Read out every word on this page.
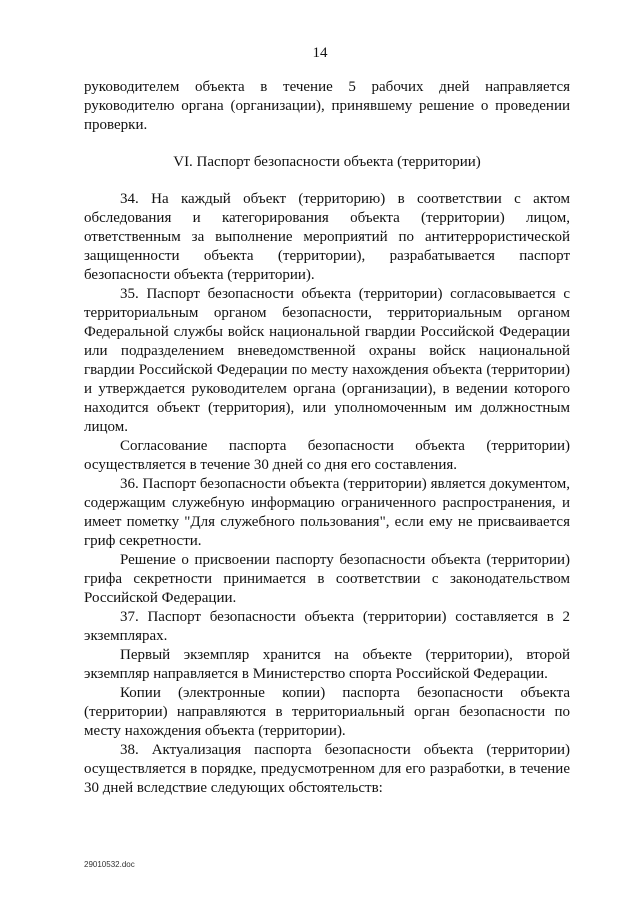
14

руководителем объекта в течение 5 рабочих дней направляется руководителю органа (организации), принявшему решение о проведении проверки.

VI. Паспорт безопасности объекта (территории)

34. На каждый объект (территорию) в соответствии с актом обследования и категорирования объекта (территории) лицом, ответственным за выполнение мероприятий по антитеррористической защищенности объекта (территории), разрабатывается паспорт безопасности объекта (территории).

35. Паспорт безопасности объекта (территории) согласовывается с территориальным органом безопасности, территориальным органом Федеральной службы войск национальной гвардии Российской Федерации или подразделением вневедомственной охраны войск национальной гвардии Российской Федерации по месту нахождения объекта (территории) и утверждается руководителем органа (организации), в ведении которого находится объект (территория), или уполномоченным им должностным лицом.

Согласование паспорта безопасности объекта (территории) осуществляется в течение 30 дней со дня его составления.

36. Паспорт безопасности объекта (территории) является документом, содержащим служебную информацию ограниченного распространения, и имеет пометку "Для служебного пользования", если ему не присваивается гриф секретности.

Решение о присвоении паспорту безопасности объекта (территории) грифа секретности принимается в соответствии с законодательством Российской Федерации.

37. Паспорт безопасности объекта (территории) составляется в 2 экземплярах.

Первый экземпляр хранится на объекте (территории), второй экземпляр направляется в Министерство спорта Российской Федерации.

Копии (электронные копии) паспорта безопасности объекта (территории) направляются в территориальный орган безопасности по месту нахождения объекта (территории).

38. Актуализация паспорта безопасности объекта (территории) осуществляется в порядке, предусмотренном для его разработки, в течение 30 дней вследствие следующих обстоятельств:

29010532.doc
